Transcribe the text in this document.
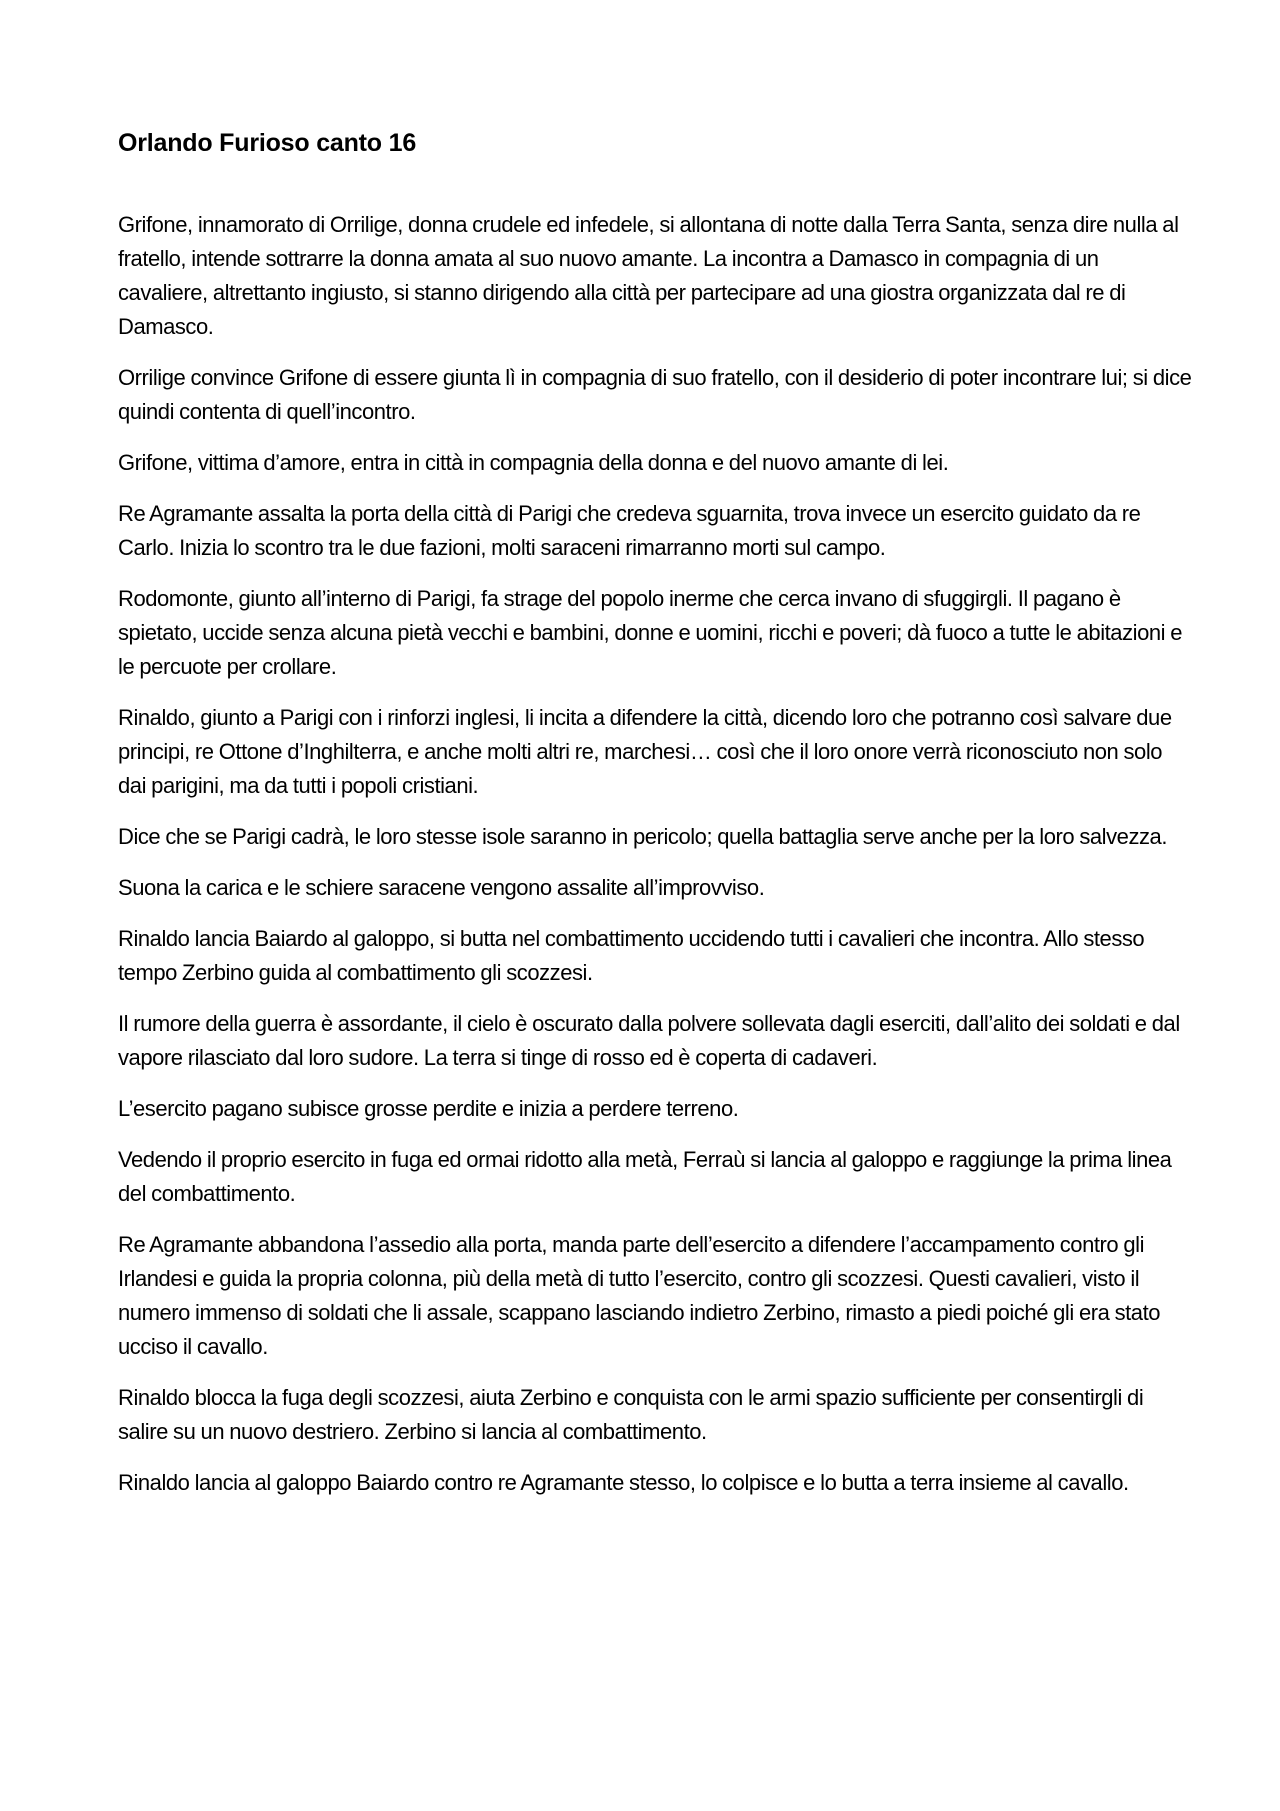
Orlando Furioso canto 16

Grifone, innamorato di Orrilige, donna crudele ed infedele, si allontana di notte dalla Terra Santa, senza dire nulla al fratello, intende sottrarre la donna amata al suo nuovo amante. La incontra a Damasco in compagnia di un cavaliere, altrettanto ingiusto, si stanno dirigendo alla città per partecipare ad una giostra organizzata dal re di Damasco.

Orrilige convince Grifone di essere giunta lì in compagnia di suo fratello, con il desiderio di poter incontrare lui; si dice quindi contenta di quell’incontro.

Grifone, vittima d’amore, entra in città in compagnia della donna e del nuovo amante di lei.

Re Agramante assalta la porta della città di Parigi che credeva sguarnita, trova invece un esercito guidato da re Carlo. Inizia lo scontro tra le due fazioni, molti saraceni rimarranno morti sul campo.

Rodomonte, giunto all’interno di Parigi, fa strage del popolo inerme che cerca invano di sfuggirgli. Il pagano è spietato, uccide senza alcuna pietà vecchi e bambini, donne e uomini, ricchi e poveri; dà fuoco a tutte le abitazioni e le percuote per crollare.

Rinaldo, giunto a Parigi con i rinforzi inglesi, li incita a difendere la città, dicendo loro che potranno così salvare due principi, re Ottone d’Inghilterra, e anche molti altri re, marchesi… così che il loro onore verrà riconosciuto non solo dai parigini, ma da tutti i popoli cristiani.

Dice che se Parigi cadrà, le loro stesse isole saranno in pericolo; quella battaglia serve anche per la loro salvezza.

Suona la carica e le schiere saracene vengono assalite all’improvviso.

Rinaldo lancia Baiardo al galoppo, si butta nel combattimento uccidendo tutti i cavalieri che incontra. Allo stesso tempo Zerbino guida al combattimento gli scozzesi.

Il rumore della guerra è assordante, il cielo è oscurato dalla polvere sollevata dagli eserciti, dall’alito dei soldati e dal vapore rilasciato dal loro sudore. La terra si tinge di rosso ed è coperta di cadaveri.

L’esercito pagano subisce grosse perdite e inizia a perdere terreno.

Vedendo il proprio esercito in fuga ed ormai ridotto alla metà, Ferraù si lancia al galoppo e raggiunge la prima linea del combattimento.

Re Agramante abbandona l’assedio alla porta, manda parte dell’esercito a difendere l’accampamento contro gli Irlandesi e guida la propria colonna, più della metà di tutto l’esercito, contro gli scozzesi. Questi cavalieri, visto il numero immenso di soldati che li assale, scappano lasciando indietro Zerbino, rimasto a piedi poiché gli era stato ucciso il cavallo.

Rinaldo blocca la fuga degli scozzesi, aiuta Zerbino e conquista con le armi spazio sufficiente per consentirgli di salire su un nuovo destriero. Zerbino si lancia al combattimento.

Rinaldo lancia al galoppo Baiardo contro re Agramante stesso, lo colpisce e lo butta a terra insieme al cavallo.
